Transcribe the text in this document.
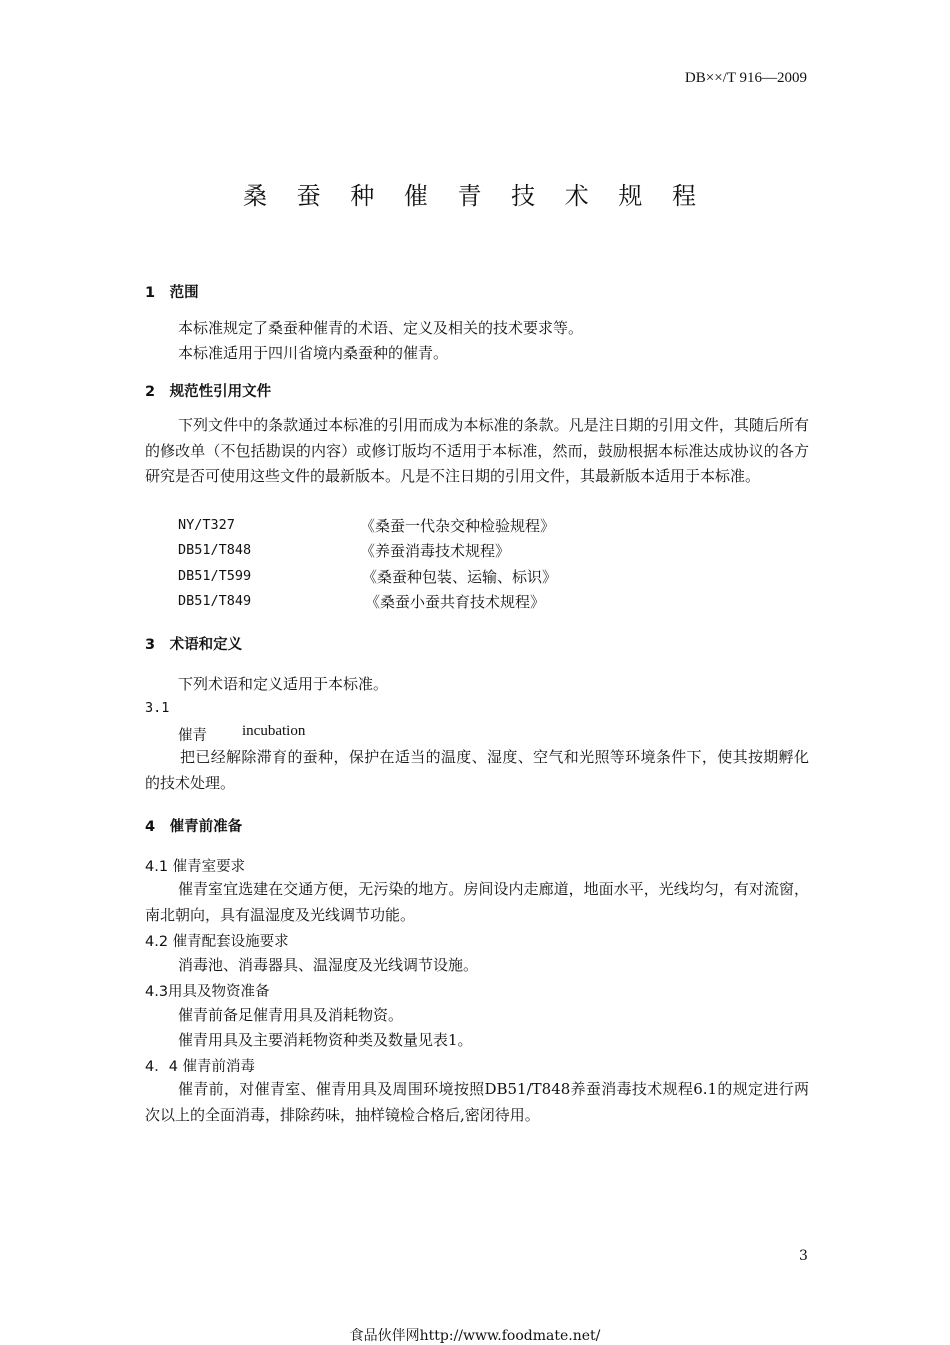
DB××/T 916—2009
桑 蚕 种 催 青 技 术 规 程
1　范围
本标准规定了桑蚕种催青的术语、定义及相关的技术要求等。
本标准适用于四川省境内桑蚕种的催青。
2　规范性引用文件
下列文件中的条款通过本标准的引用而成为本标准的条款。凡是注日期的引用文件，其随后所有的修改单（不包括勘误的内容）或修订版均不适用于本标准，然而，鼓励根据本标准达成协议的各方研究是否可使用这些文件的最新版本。凡是不注日期的引用文件，其最新版本适用于本标准。
NY/T327	《桑蚕一代杂交种检验规程》
DB51/T848	《养蚕消毒技术规程》
DB51/T599	《桑蚕种包装、运输、标识》
DB51/T849	《桑蚕小蚕共育技术规程》
3　术语和定义
下列术语和定义适用于本标准。
3.1
催青 incubation
把已经解除滞育的蚕种，保护在适当的温度、湿度、空气和光照等环境条件下，使其按期孵化的技术处理。
4　催青前准备
4.1 催青室要求
催青室宜选建在交通方便，无污染的地方。房间设内走廊道，地面水平，光线均匀，有对流窗，南北朝向，具有温湿度及光线调节功能。
4.2 催青配套设施要求
消毒池、消毒器具、温湿度及光线调节设施。
4.3用具及物资准备
催青前备足催青用具及消耗物资。
催青用具及主要消耗物资种类及数量见表1。
4．4 催青前消毒
催青前，对催青室、催青用具及周围环境按照DB51/T848养蚕消毒技术规程6.1的规定进行两次以上的全面消毒，排除药味，抽样镜检合格后,密闭待用。
3
食品伙伴网http://www.foodmate.net/
